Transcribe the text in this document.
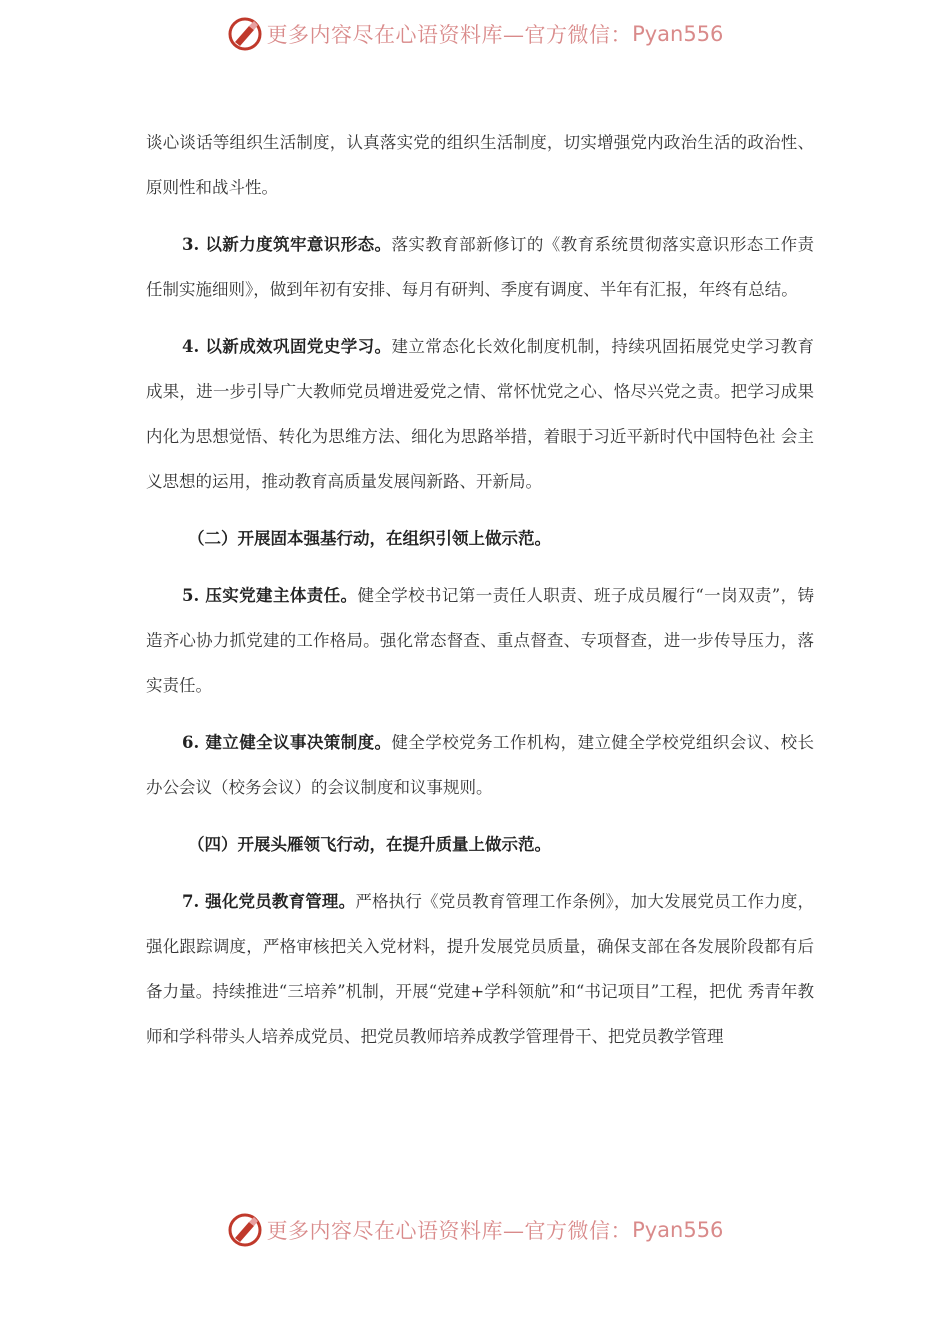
更多内容尽在心语资料库—官方微信： Pyan556

谈心谈话等组织生活制度，认真落实党的组织生活制度，切实增强党内政治生活的政治性、原则性和战斗性。

3. 以新力度筑牢意识形态。落实教育部新修订的《教育系统贯彻落实意识形态工作责任制实施细则》，做到年初有安排、每月有研判、季度有调度、半年有汇报，年终有总结。

4. 以新成效巩固党史学习。建立常态化长效化制度机制，持续巩固拓展党史学习教育 成果，进一步引导广大教师党员增进爱党之情、常怀忧党之心、恪尽兴党之责。把学习成果内化为思想觉悟、转化为思维方法、细化为思路举措，着眼于习近平新时代中国特色社 会主义思想的运用，推动教育高质量发展闯新路、开新局。

（二）开展固本强基行动，在组织引领上做示范。

5. 压实党建主体责任。健全学校书记第一责任人职责、班子成员履行“一岗双责”，铸造齐心协力抓党建的工作格局。强化常态督查、重点督查、专项督查，进一步传导压力，落实责任。

6. 建立健全议事决策制度。健全学校党务工作机构，建立健全学校党组织会议、校长 办公会议（校务会议）的会议制度和议事规则。

（四）开展头雁领飞行动，在提升质量上做示范。

7. 强化党员教育管理。严格执行《党员教育管理工作条例》，加大发展党员工作力度， 强化跟踪调度，严格审核把关入党材料，提升发展党员质量，确保支部在各发展阶段都有后备力量。持续推进“三培养”机制，开展“党建+学科领航”和“书记项目”工程，把优 秀青年教师和学科带头人培养成党员、把党员教师培养成教学管理骨干、把党员教学管理

更多内容尽在心语资料库—官方微信： Pyan556
